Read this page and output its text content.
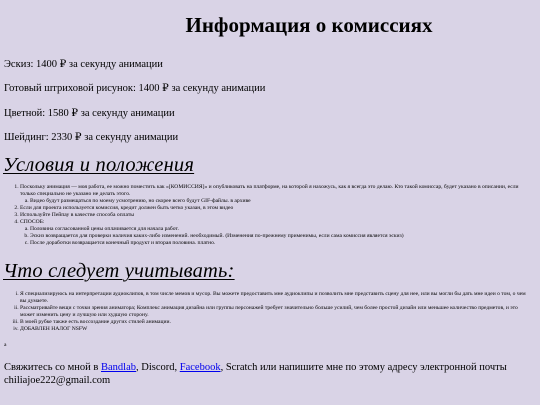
Информация о комиссиях
Эскиз: 1400 ₽ за секунду анимации
Готовый штриховой рисунок: 1400 ₽ за секунду анимации
Цветной: 1580 ₽ за секунду анимации
Шейдинг: 2330 ₽ за секунду анимации
Условия и положения
1. Поскольку анимация — моя работа, ее можно поместить как «[КОМИССИЯ]» и опубликовать на платформе, на которой я нахожусь, как я всегда это делаю. Кто такой комиссар, будет указано в описании, если только специально не указано не делать этого.
a. Видео будут размещаться по моему усмотрению, но скорее всего будут GIF-файлы. в архиве
2. Если для проекта используется комиссия, кредит должен быть четко указан, в этом видео
3. Используйте Пейпау в качестве способа оплаты
4. СПОСОБ:
a. Половина согласованной цены оплачивается для начала работ.
b. Эскиз возвращается для проверки наличия каких-либо изменений. необходимый. (Изменения по-прежнему применимы, если сама комиссия является эскиз)
c. После доработки возвращается конечный продукт и вторая половина. платно.
Что следует учитывать:
i. Я специализируюсь на интерпретации аудиоклипов, в том числе мемов и мусор. Вы можете предоставить мне аудиоклипы и позволить мне представить сцену для нее, или вы могли бы дать мне идеи о том, о чем вы думаете.
ii. Рассматривайте вещи с точки зрения аниматора; Комплекс анимация дизайна или группы персонажей требует значительно больше усилий, чем более простой дизайн или меньшее количество предметов, и это может изменить цену и лучшую или худшую сторону.
iii. В моей рубке также есть воссоздание других стилей анимации.
iv. ДОБАВЛЕН НАЛОГ NSFW
a
Свяжитесь со мной в Bandlab, Discord, Facebook, Scratch или напишите мне по этому адресу электронной почты chiliajoe222@gmail.com
